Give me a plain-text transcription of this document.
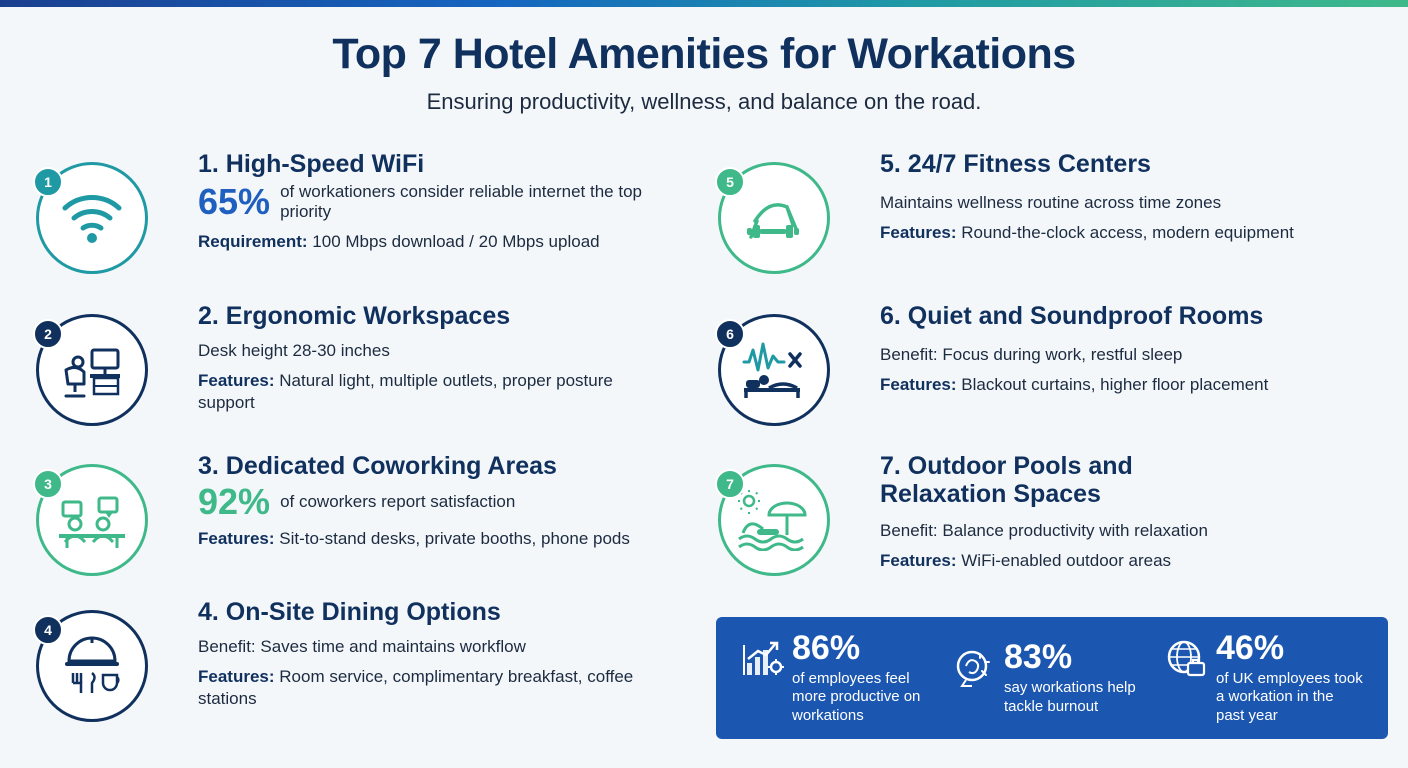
Top 7 Hotel Amenities for Workations
Ensuring productivity, wellness, and balance on the road.
1
1. High-Speed WiFi
65% of workationers consider reliable internet the top priority
Requirement: 100 Mbps download / 20 Mbps upload
2
2. Ergonomic Workspaces
Desk height 28-30 inches
Features: Natural light, multiple outlets, proper posture support
3
3. Dedicated Coworking Areas
92% of coworkers report satisfaction
Features: Sit-to-stand desks, private booths, phone pods
4
4. On-Site Dining Options
Benefit: Saves time and maintains workflow
Features: Room service, complimentary breakfast, coffee stations
5
5. 24/7 Fitness Centers
Maintains wellness routine across time zones
Features: Round-the-clock access, modern equipment
6
6. Quiet and Soundproof Rooms
Benefit: Focus during work, restful sleep
Features: Blackout curtains, higher floor placement
7
7. Outdoor Pools and Relaxation Spaces
Benefit: Balance productivity with relaxation
Features: WiFi-enabled outdoor areas
86%
of employees feel more productive on workations
83%
say workations help tackle burnout
46%
of UK employees took a workation in the past year
